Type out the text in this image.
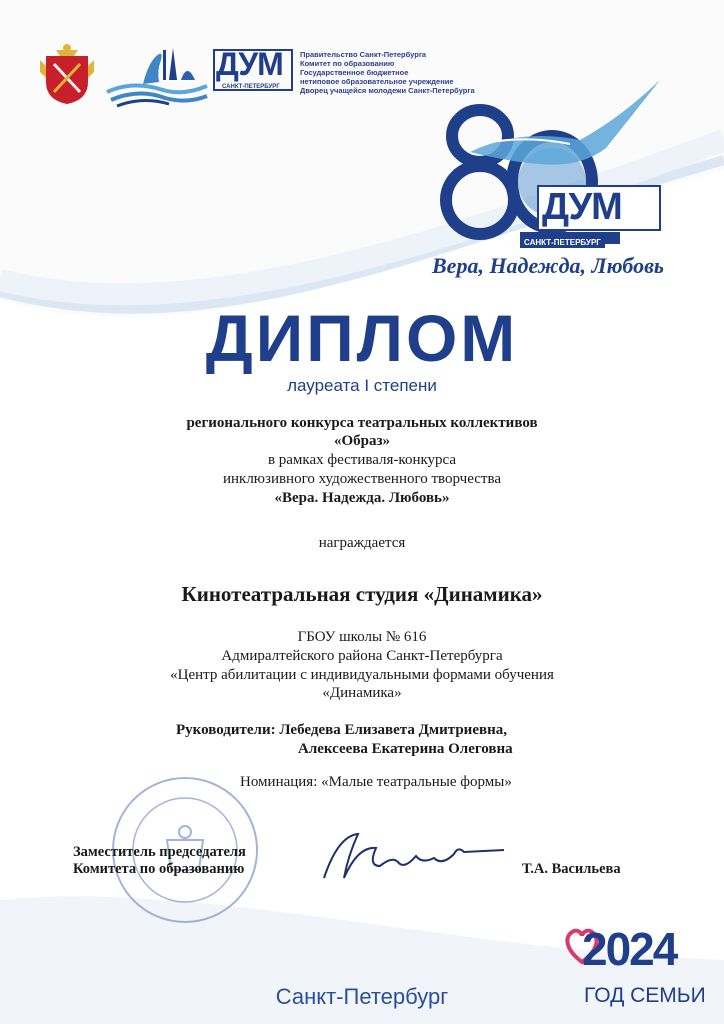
ДУМ
САНКТ-ПЕТЕРБУРГ
Правительство Санкт-Петербурга
Комитет по образованию
Государственное бюджетное
нетиповое образовательное учреждение
Дворец учащейся молодежи Санкт-Петербурга
ДУМ
САНКТ-ПЕТЕРБУРГ
Вера, Надежда, Любовь
ДИПЛОМ
лауреата I степени
регионального конкурса театральных коллективов
«Образ»
в рамках фестиваля-конкурса
инклюзивного художественного творчества
«Вера. Надежда. Любовь»
награждается
Кинотеатральная студия «Динамика»
ГБОУ школы № 616
Адмиралтейского района Санкт-Петербурга
«Центр абилитации с индивидуальными формами обучения
«Динамика»
Руководители: Лебедева Елизавета Дмитриевна,
Алексеева Екатерина Олеговна
Номинация: «Малые театральные формы»
Заместитель председателя
Комитета по образованию	Т.А. Васильева
Санкт-Петербург
2024
ГОД СЕМЬИ
